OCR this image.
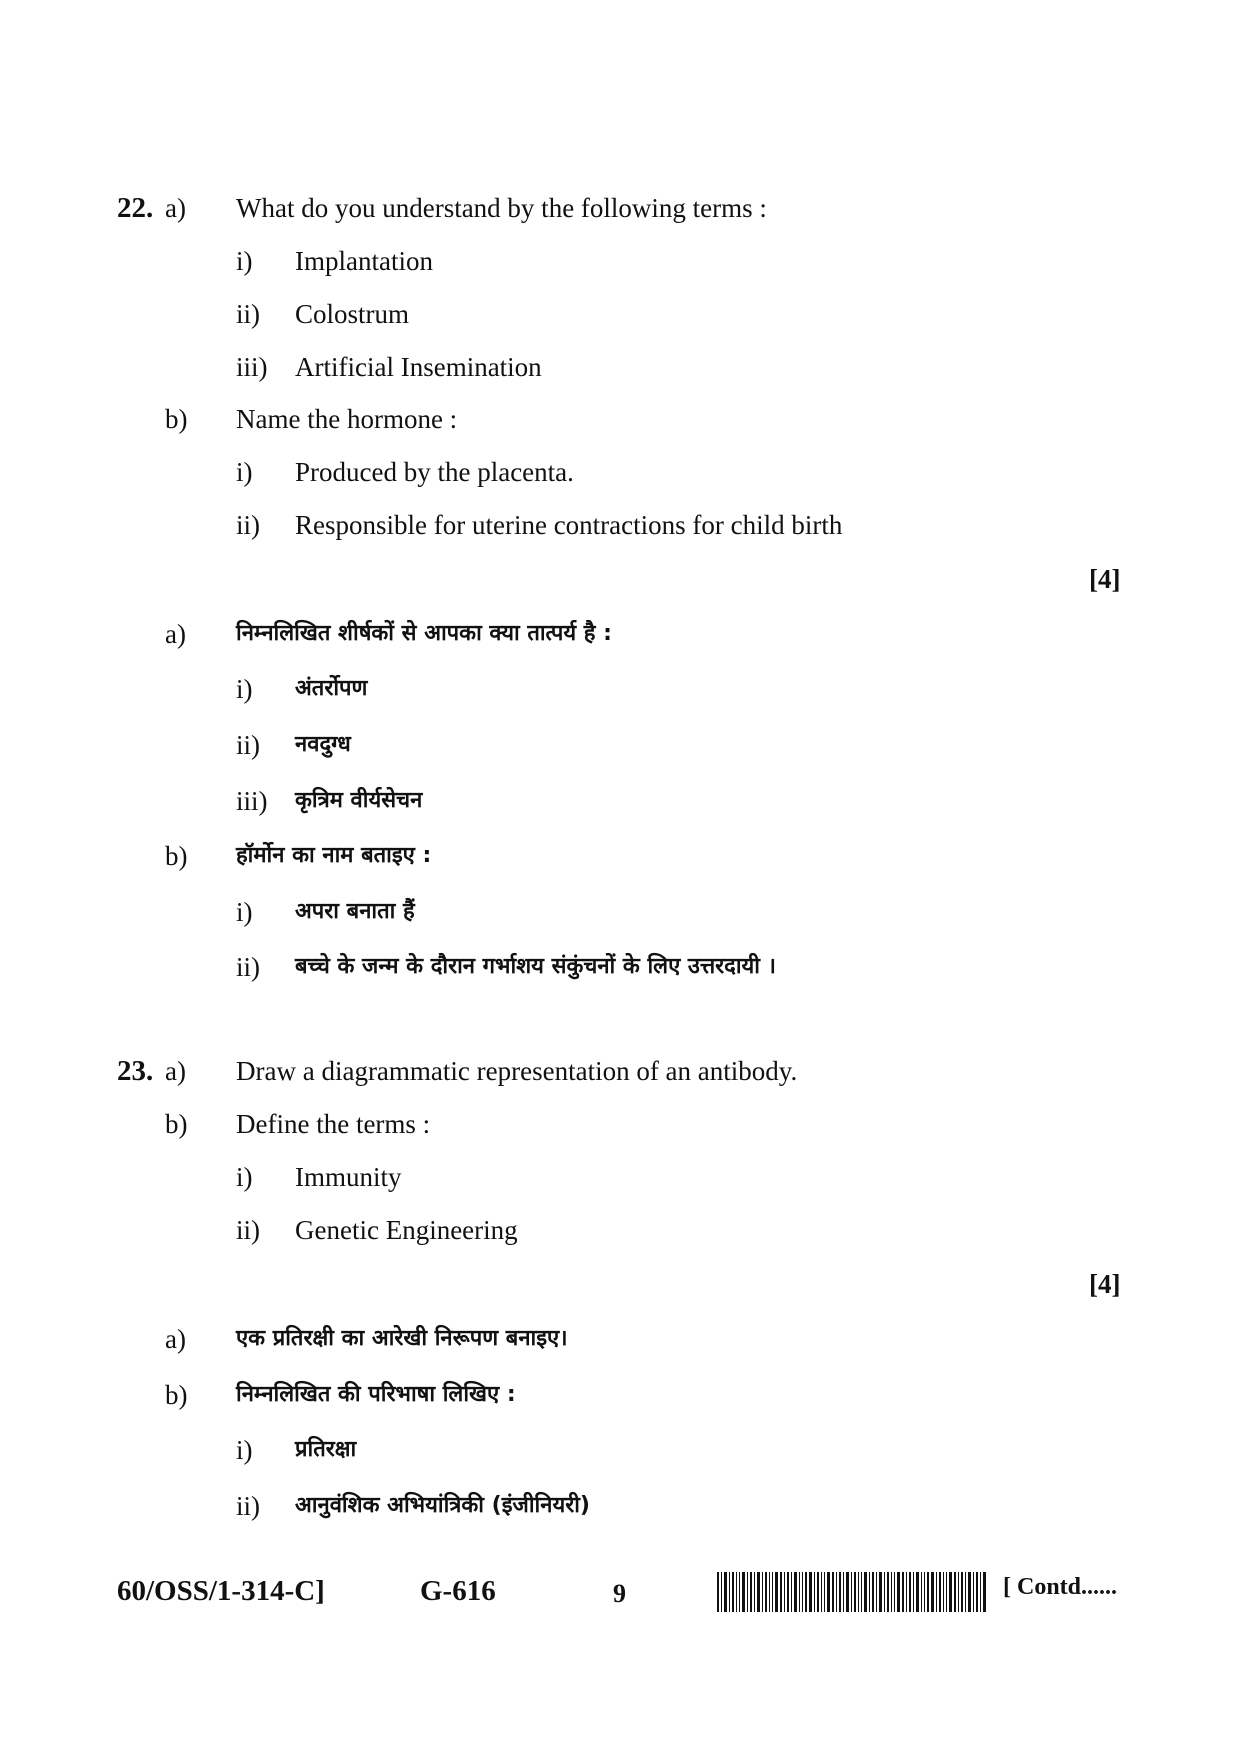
22. a) What do you understand by the following terms :
i) Implantation
ii) Colostrum
iii) Artificial Insemination
b) Name the hormone :
i) Produced by the placenta.
ii) Responsible for uterine contractions for child birth
[4]
a) निम्नलिखित शीर्षकों से आपका क्या तात्पर्य है :
i) अंतर्रोपण
ii) नवदुग्ध
iii) कृत्रिम वीर्यसेचन
b) हॉर्मोन का नाम बताइए :
i) अपरा बनाता हैं
ii) बच्चे के जन्म के दौरान गर्भाशय संकुंचनों के लिए उत्तरदायी ।
23. a) Draw a diagrammatic representation of an antibody.
b) Define the terms :
i) Immunity
ii) Genetic Engineering
[4]
a) एक प्रतिरक्षी का आरेखी निरूपण बनाइए।
b) निम्नलिखित की परिभाषा लिखिए :
i) प्रतिरक्षा
ii) आनुवंशिक अभियांत्रिकी (इंजीनियरी)
60/OSS/1-314-C]	G-616	9	[ Contd......
